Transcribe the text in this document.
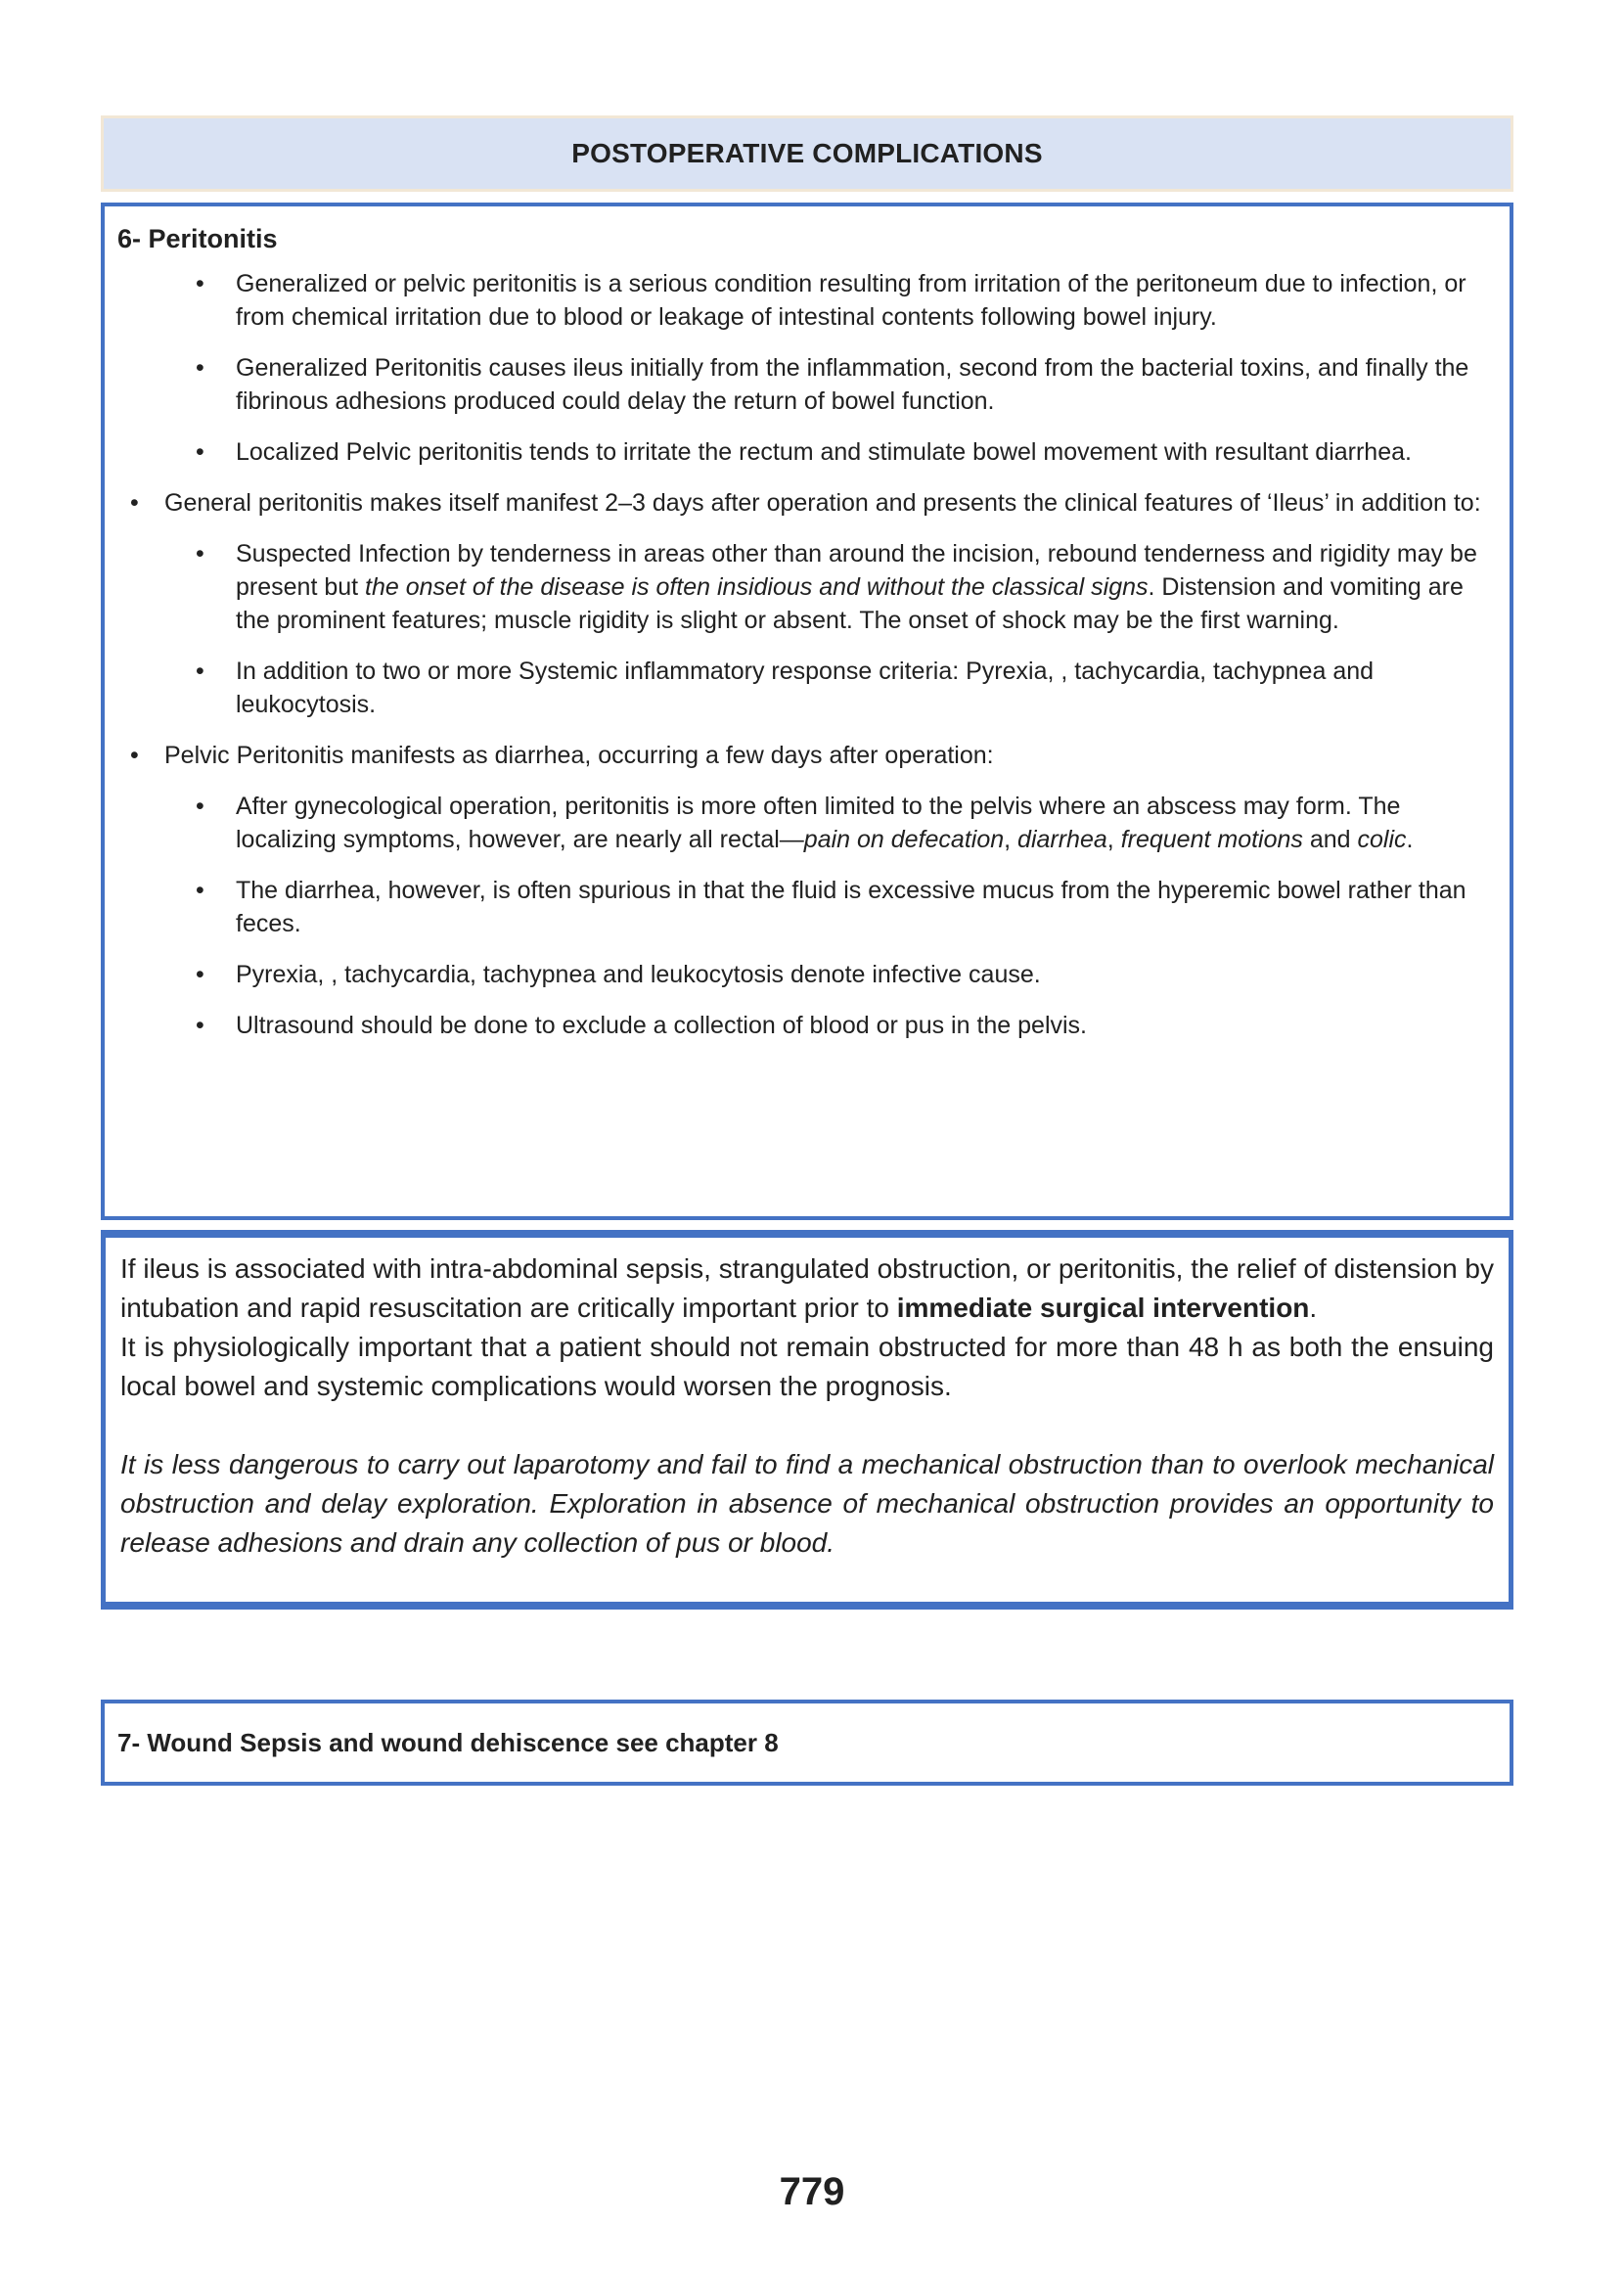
POSTOPERATIVE COMPLICATIONS
6- Peritonitis
•
Generalized or pelvic peritonitis is a serious condition resulting from irritation of the peritoneum due to infection, or from chemical irritation due to blood or leakage of intestinal contents following bowel injury.
•
Generalized Peritonitis causes ileus initially from the inflammation, second from the bacterial toxins, and finally the fibrinous adhesions produced could delay the return of bowel function.
•
Localized Pelvic peritonitis tends to irritate the rectum and stimulate bowel movement with resultant diarrhea.
•
General peritonitis makes itself manifest 2–3 days after operation and presents the clinical features of ‘Ileus’ in addition to:
•
Suspected Infection by tenderness in areas other than around the incision, rebound tenderness and rigidity may be present but the onset of the disease is often insidious and without the classical signs. Distension and vomiting are the prominent features; muscle rigidity is slight or absent. The onset of shock may be the first warning.
•
In addition to two or more Systemic inflammatory response criteria: Pyrexia, , tachycardia, tachypnea and leukocytosis.
•
Pelvic Peritonitis manifests as diarrhea, occurring a few days after operation:
•
After gynecological operation, peritonitis is more often limited to the pelvis where an abscess may form. The localizing symptoms, however, are nearly all rectal—pain on defecation, diarrhea, frequent motions and colic.
•
The diarrhea, however, is often spurious in that the fluid is excessive mucus from the hyperemic bowel rather than feces.
•
Pyrexia, , tachycardia, tachypnea and leukocytosis denote infective cause.
•
Ultrasound should be done to exclude a collection of blood or pus in the pelvis.

If ileus is associated with intra-abdominal sepsis, strangulated obstruction, or peritonitis, the relief of distension by intubation and rapid resuscitation are critically important prior to immediate surgical intervention.

It is physiologically important that a patient should not remain obstructed for more than 48 h as both the ensuing local bowel and systemic complications would worsen the prognosis.

It is less dangerous to carry out laparotomy and fail to find a mechanical obstruction than to overlook mechanical obstruction and delay exploration. Exploration in absence of mechanical obstruction provides an opportunity to release adhesions and drain any collection of pus or blood.

7- Wound Sepsis and wound dehiscence see chapter 8
779
